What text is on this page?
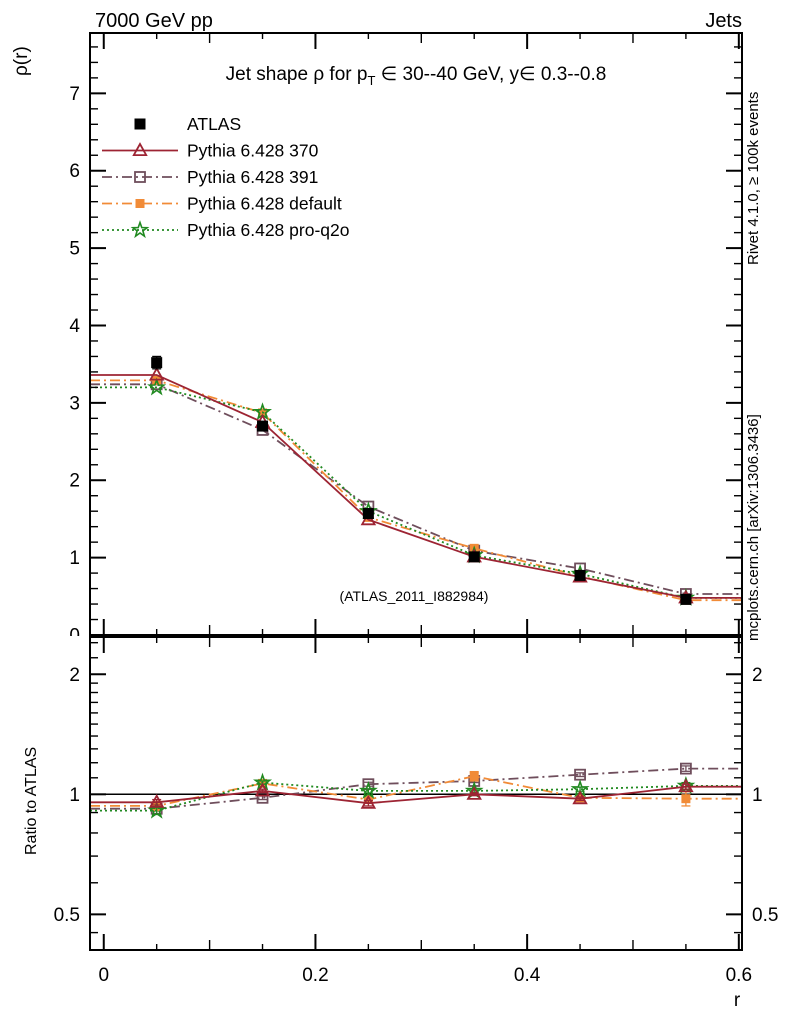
7000 GeV pp	Jets
ρ(r)
1
2
3
4
5
6
7
Jet shape ρ for $p_T$ ∈ 30--40 GeV, y∈ 0.3--0.8
ATLAS
Pythia 6.428 370
Pythia 6.428 391
Pythia 6.428 default
Pythia 6.428 pro-q2o
(ATLAS_2011_I882984)
0.5	0.5
1	1
2	2
0	0.2	0.4	0.6
Ratio to ATLAS
r
Rivet 4.1.0, ≥ 100k events
mcplots.cern.ch [arXiv:1306.3436]
